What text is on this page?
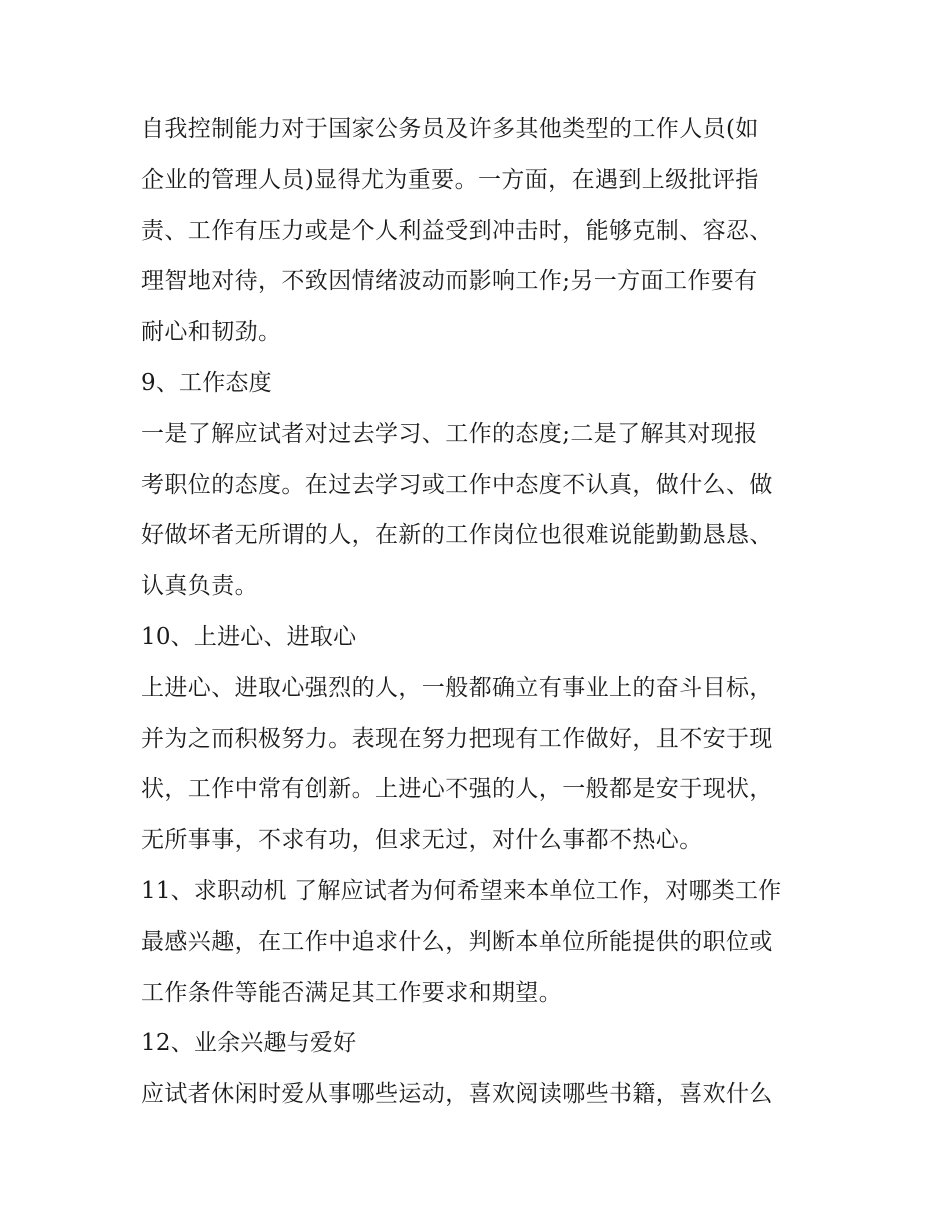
自我控制能力对于国家公务员及许多其他类型的工作人员(如
企业的管理人员)显得尤为重要。一方面，在遇到上级批评指
责、工作有压力或是个人利益受到冲击时，能够克制、容忍、
理智地对待，不致因情绪波动而影响工作;另一方面工作要有
耐心和韧劲。
9、工作态度
一是了解应试者对过去学习、工作的态度;二是了解其对现报
考职位的态度。在过去学习或工作中态度不认真，做什么、做
好做坏者无所谓的人，在新的工作岗位也很难说能勤勤恳恳、
认真负责。
10、上进心、进取心
上进心、进取心强烈的人，一般都确立有事业上的奋斗目标，
并为之而积极努力。表现在努力把现有工作做好，且不安于现
状，工作中常有创新。上进心不强的人，一般都是安于现状，
无所事事，不求有功，但求无过，对什么事都不热心。
11、求职动机 了解应试者为何希望来本单位工作，对哪类工作
最感兴趣，在工作中追求什么，判断本单位所能提供的职位或
工作条件等能否满足其工作要求和期望。
12、业余兴趣与爱好
应试者休闲时爱从事哪些运动，喜欢阅读哪些书籍，喜欢什么
